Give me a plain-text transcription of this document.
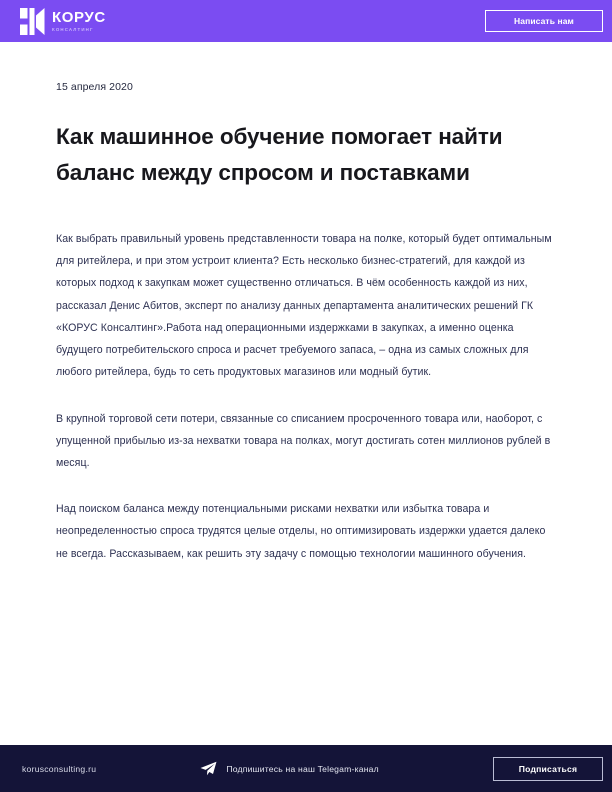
КОРУС
КОНСАЛТИНГ
Написать нам
15 апреля 2020
Как машинное обучение помогает найти баланс между спросом и поставками

Как выбрать правильный уровень представленности товара на полке, который будет оптимальным для ритейлера, и при этом устроит клиента? Есть несколько бизнес-стратегий, для каждой из которых подход к закупкам может существенно отличаться. В чём особенность каждой из них, рассказал Денис Абитов, эксперт по анализу данных департамента аналитических решений ГК «КОРУС Консалтинг».Работа над операционными издержками в закупках, а именно оценка будущего потребительского спроса и расчет требуемого запаса, – одна из самых сложных для любого ритейлера, будь то сеть продуктовых магазинов или модный бутик.

В крупной торговой сети потери, связанные со списанием просроченного товара или, наоборот, с упущенной прибылью из-за нехватки товара на полках, могут достигать сотен миллионов рублей в месяц.

Над поиском баланса между потенциальными рисками нехватки или избытка товара и неопределенностью спроса трудятся целые отделы, но оптимизировать издержки удается далеко не всегда. Рассказываем, как решить эту задачу с помощью технологии машинного обучения.

korusconsulting.ru	Подпишитесь на наш Telegam-канал	Подписаться
